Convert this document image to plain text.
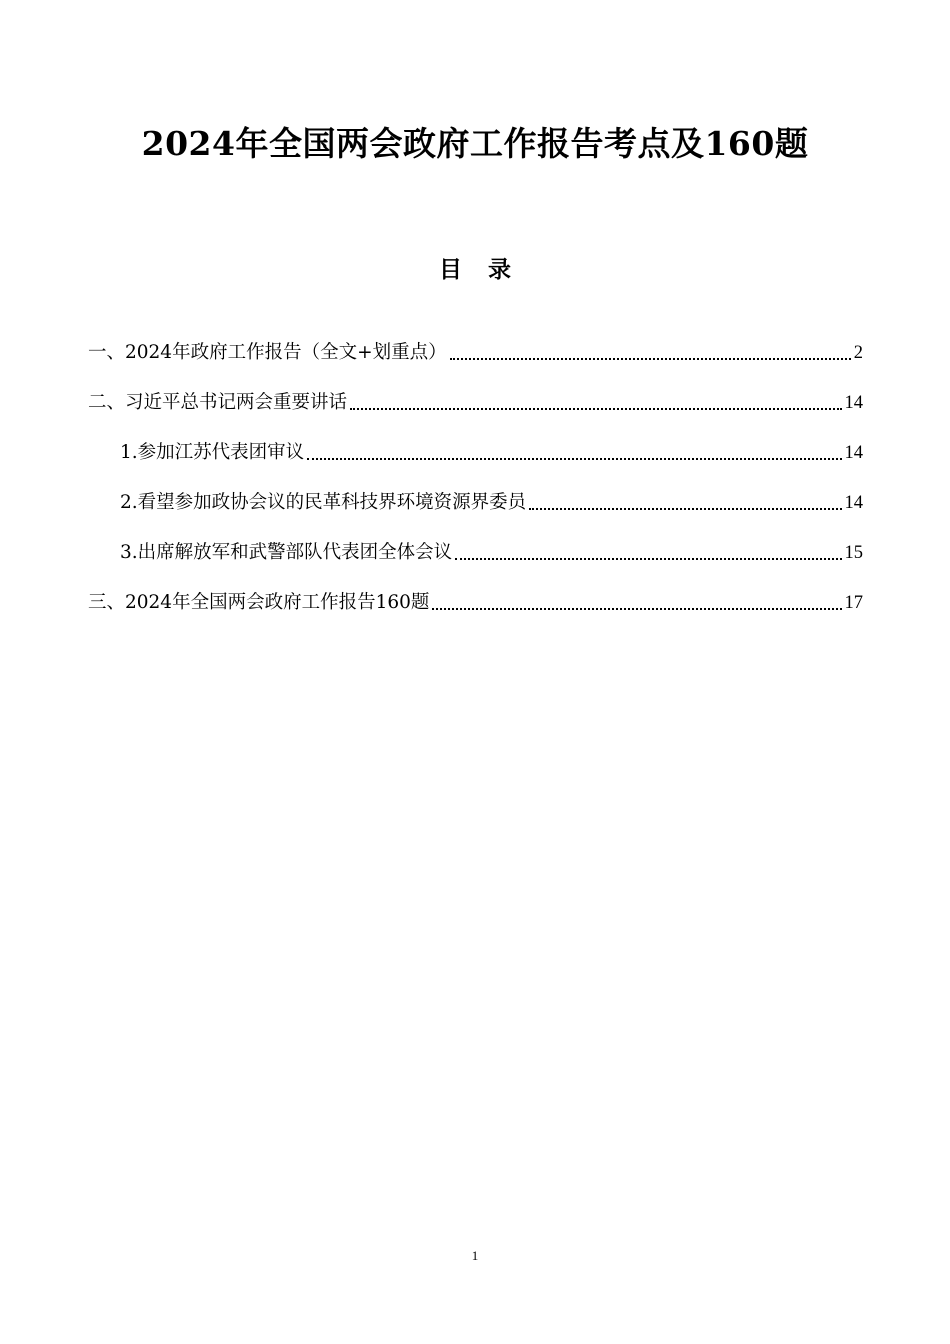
2024年全国两会政府工作报告考点及160题
目录
一、2024年政府工作报告（全文+划重点）	2
二、习近平总书记两会重要讲话	14
1.参加江苏代表团审议	14
2.看望参加政协会议的民革科技界环境资源界委员	14
3.出席解放军和武警部队代表团全体会议	15
三、2024年全国两会政府工作报告160题	17
1
